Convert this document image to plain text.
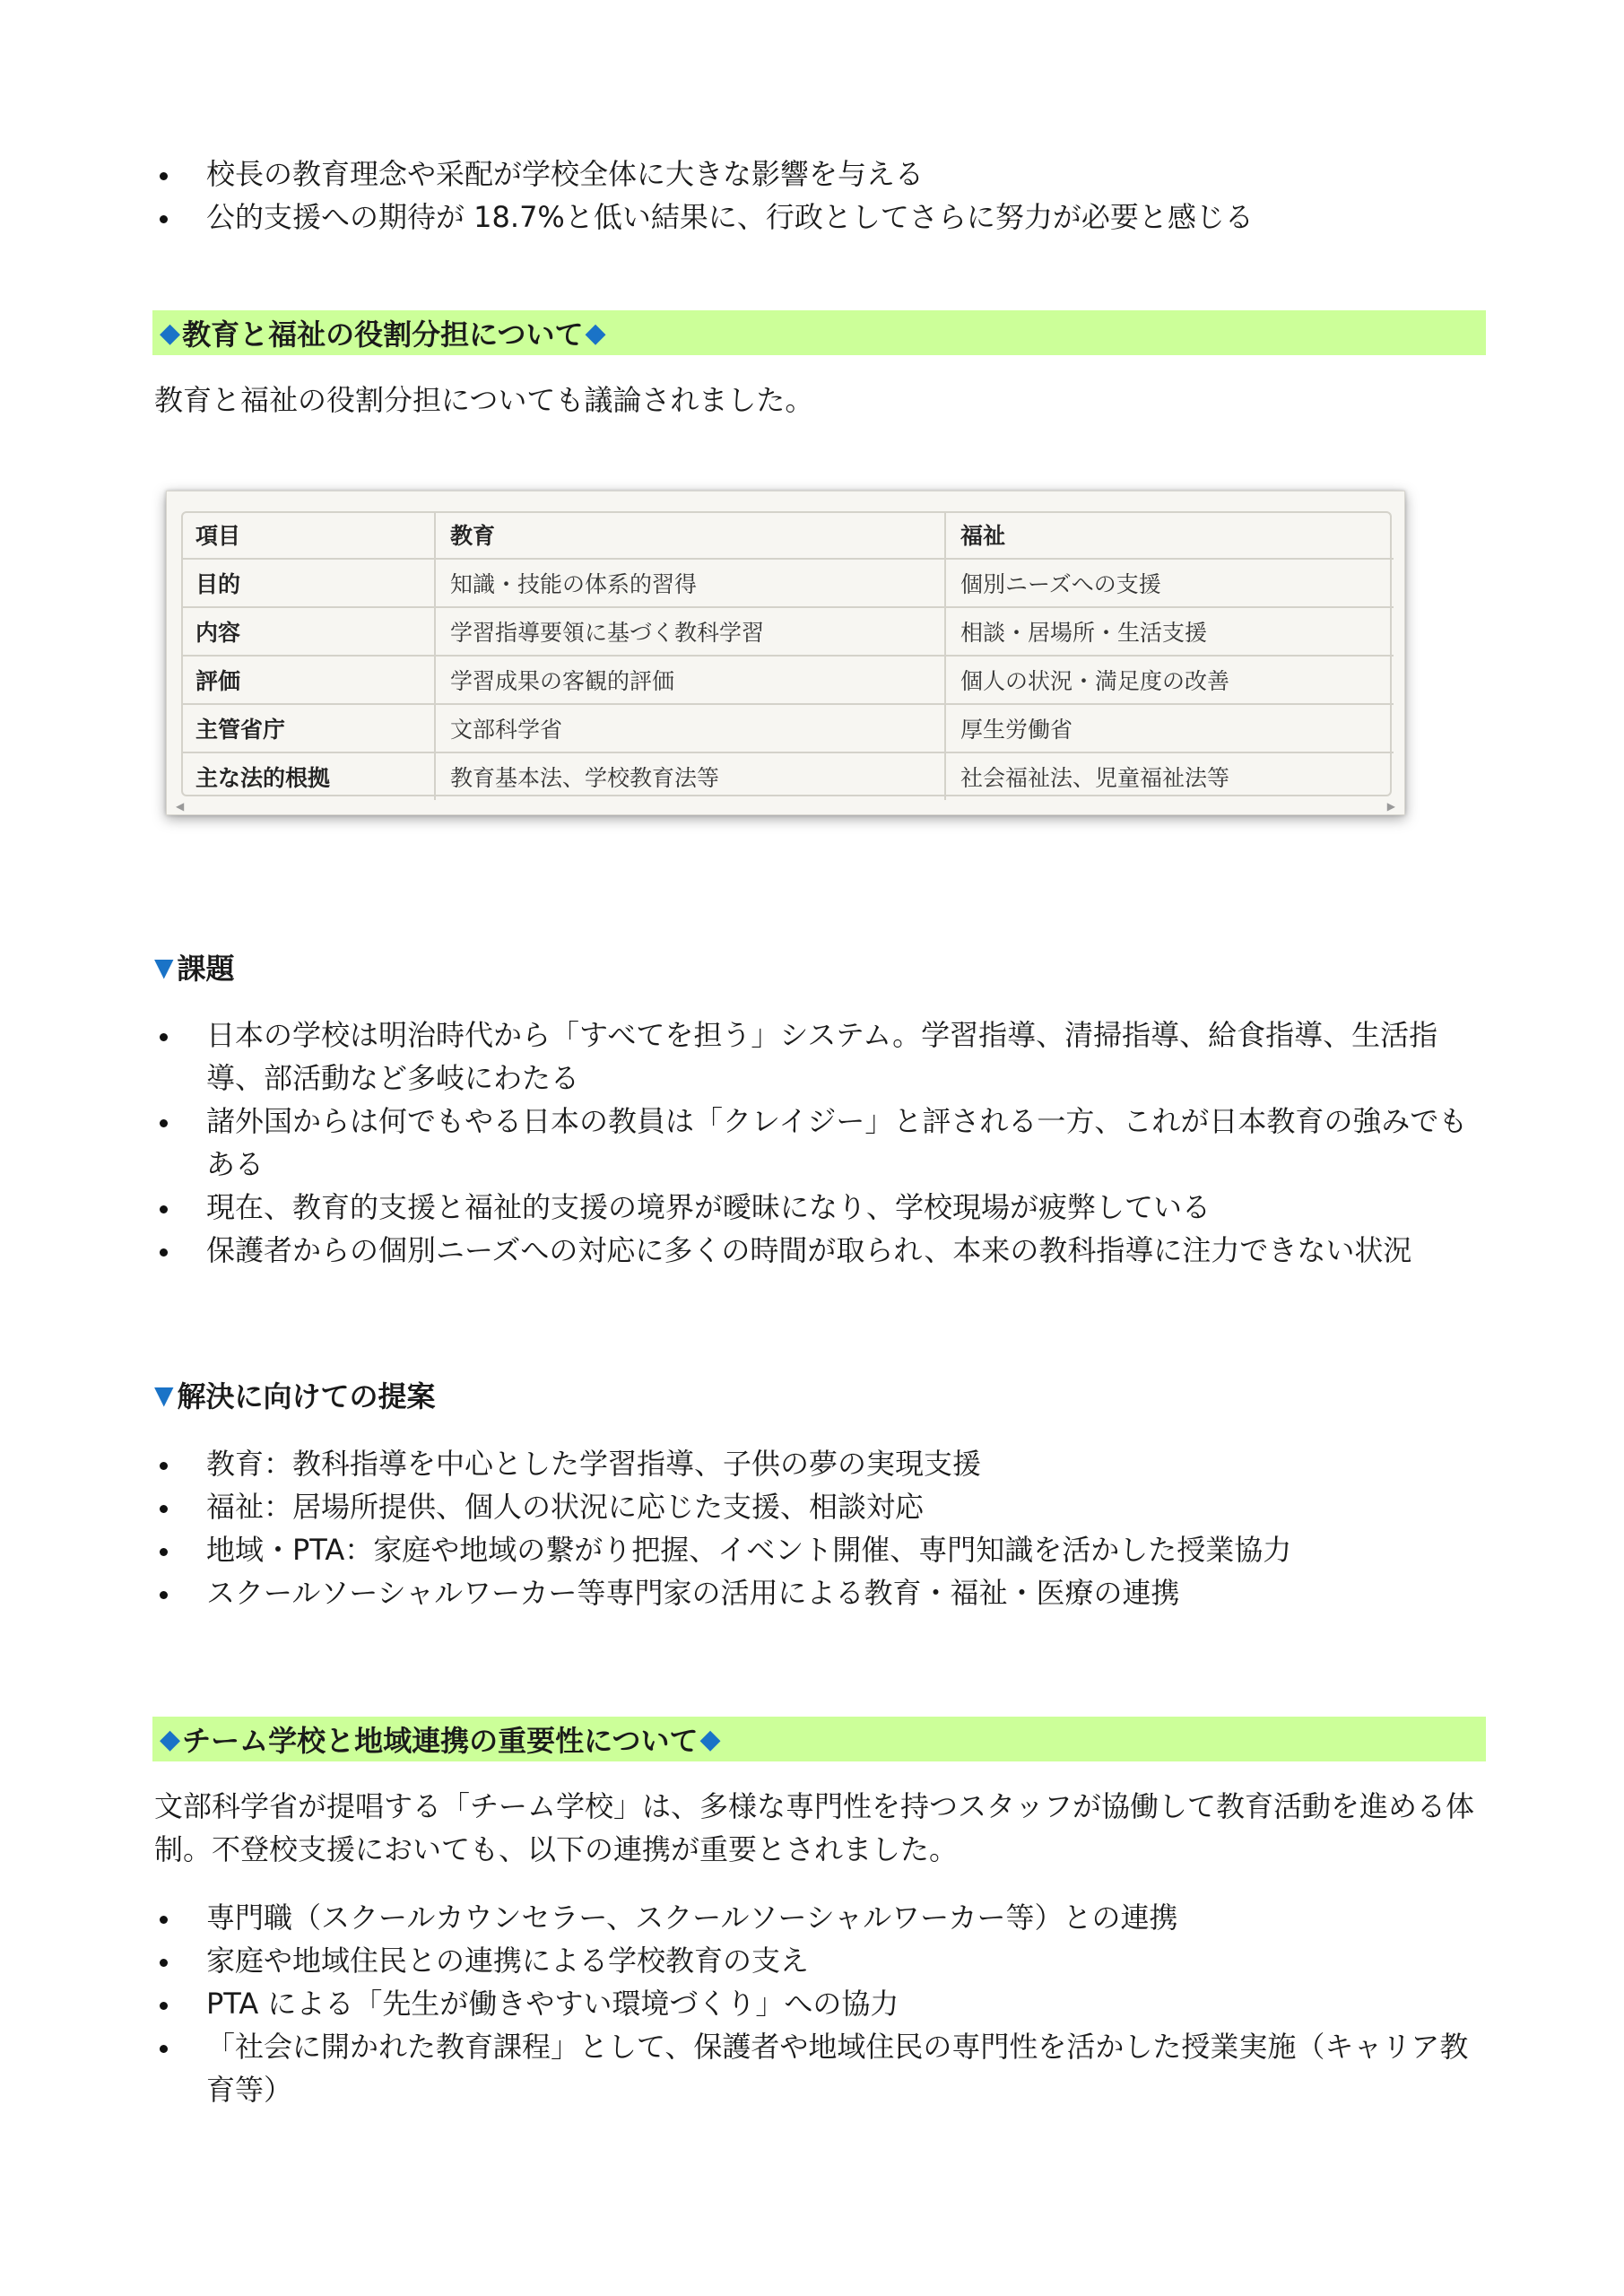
校長の教育理念や采配が学校全体に大きな影響を与える
公的支援への期待が 18.7%と低い結果に、行政としてさらに努力が必要と感じる
◆ 教育と福祉の役割分担について ◆
教育と福祉の役割分担についても議論されました。
項目	教育	福祉
目的	知識・技能の体系的習得	個別ニーズへの支援
内容	学習指導要領に基づく教科学習	相談・居場所・生活支援
評価	学習成果の客観的評価	個人の状況・満足度の改善
主管省庁	文部科学省	厚生労働省
主な法的根拠	教育基本法、学校教育法等	社会福祉法、児童福祉法等
◀	▶
▼ 課題
日本の学校は明治時代から「すべてを担う」システム。学習指導、清掃指導、給食指導、生活指導、部活動など多岐にわたる
諸外国からは何でもやる日本の教員は「クレイジー」と評される一方、これが日本教育の強みでもある
現在、教育的支援と福祉的支援の境界が曖昧になり、学校現場が疲弊している
保護者からの個別ニーズへの対応に多くの時間が取られ、本来の教科指導に注力できない状況
▼ 解決に向けての提案
教育：教科指導を中心とした学習指導、子供の夢の実現支援
福祉：居場所提供、個人の状況に応じた支援、相談対応
地域・PTA：家庭や地域の繋がり把握、イベント開催、専門知識を活かした授業協力
スクールソーシャルワーカー等専門家の活用による教育・福祉・医療の連携
◆ チーム学校と地域連携の重要性について ◆
文部科学省が提唱する「チーム学校」は、多様な専門性を持つスタッフが協働して教育活動を進める体制。不登校支援においても、以下の連携が重要とされました。
専門職（スクールカウンセラー、スクールソーシャルワーカー等）との連携
家庭や地域住民との連携による学校教育の支え
PTA による「先生が働きやすい環境づくり」への協力
「社会に開かれた教育課程」として、保護者や地域住民の専門性を活かした授業実施（キャリア教育等）
